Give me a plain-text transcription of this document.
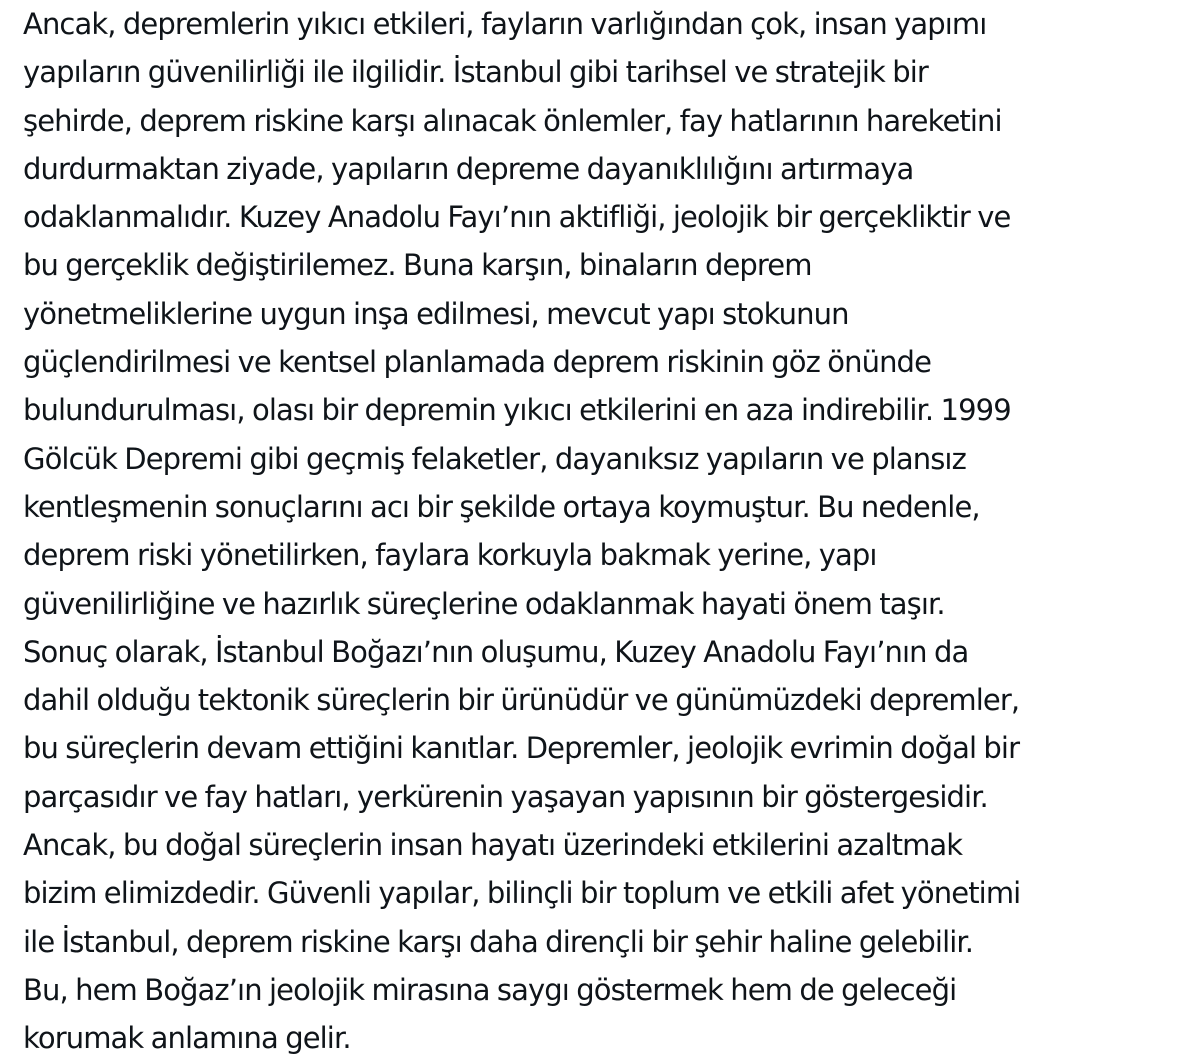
Ancak, depremlerin yıkıcı etkileri, fayların varlığından çok, insan yapımı
yapıların güvenilirliği ile ilgilidir. İstanbul gibi tarihsel ve stratejik bir
şehirde, deprem riskine karşı alınacak önlemler, fay hatlarının hareketini
durdurmaktan ziyade, yapıların depreme dayanıklılığını artırmaya
odaklanmalıdır. Kuzey Anadolu Fayı’nın aktifliği, jeolojik bir gerçekliktir ve
bu gerçeklik değiştirilemez. Buna karşın, binaların deprem
yönetmeliklerine uygun inşa edilmesi, mevcut yapı stokunun
güçlendirilmesi ve kentsel planlamada deprem riskinin göz önünde
bulundurulması, olası bir depremin yıkıcı etkilerini en aza indirebilir. 1999
Gölcük Depremi gibi geçmiş felaketler, dayanıksız yapıların ve plansız
kentleşmenin sonuçlarını acı bir şekilde ortaya koymuştur. Bu nedenle,
deprem riski yönetilirken, faylara korkuyla bakmak yerine, yapı
güvenilirliğine ve hazırlık süreçlerine odaklanmak hayati önem taşır.
Sonuç olarak, İstanbul Boğazı’nın oluşumu, Kuzey Anadolu Fayı’nın da
dahil olduğu tektonik süreçlerin bir ürünüdür ve günümüzdeki depremler,
bu süreçlerin devam ettiğini kanıtlar. Depremler, jeolojik evrimin doğal bir
parçasıdır ve fay hatları, yerkürenin yaşayan yapısının bir göstergesidir.
Ancak, bu doğal süreçlerin insan hayatı üzerindeki etkilerini azaltmak
bizim elimizdedir. Güvenli yapılar, bilinçli bir toplum ve etkili afet yönetimi
ile İstanbul, deprem riskine karşı daha dirençli bir şehir haline gelebilir.
Bu, hem Boğaz’ın jeolojik mirasına saygı göstermek hem de geleceği
korumak anlamına gelir.
